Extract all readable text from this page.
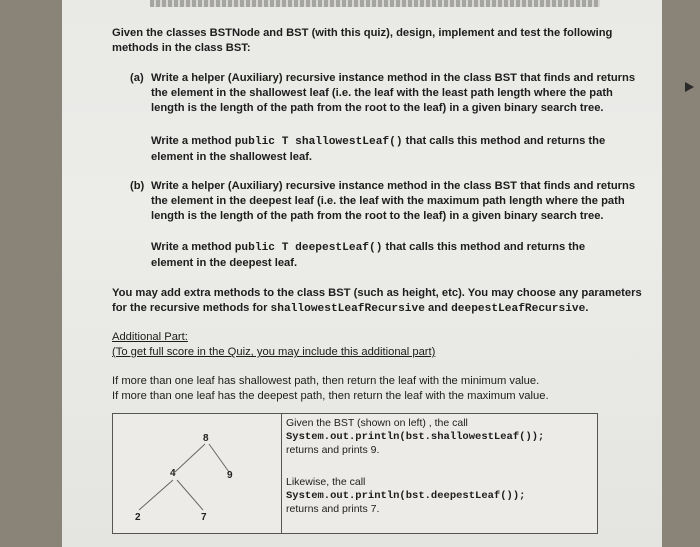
Given the classes BSTNode and BST (with this quiz), design, implement and test the following
methods in the class BST:
(a) Write a helper (Auxiliary) recursive instance method in the class BST that finds and returns
the element in the shallowest leaf (i.e. the leaf with the least path length where the path
length is the length of the path from the root to the leaf) in a given binary search tree.
Write a method public T shallowestLeaf() that calls this method and returns the
element in the shallowest leaf.
(b) Write a helper (Auxiliary) recursive instance method in the class BST that finds and returns
the element in the deepest leaf (i.e. the leaf with the maximum path length where the path
length is the length of the path from the root to the leaf) in a given binary search tree.
Write a method public T deepestLeaf() that calls this method and returns the
element in the deepest leaf.
You may add extra methods to the class BST (such as height, etc). You may choose any parameters
for the recursive methods for shallowestLeafRecursive and deepestLeafRecursive.
Additional Part:
(To get full score in the Quiz, you may include this additional part)
If more than one leaf has shallowest path, then return the leaf with the minimum value.
If more than one leaf has the deepest path, then return the leaf with the maximum value.
8
4	9
2	7
Given the BST (shown on left) , the call
System.out.println(bst.shallowestLeaf());
returns and prints 9.
Likewise, the call
System.out.println(bst.deepestLeaf());
returns and prints 7.
